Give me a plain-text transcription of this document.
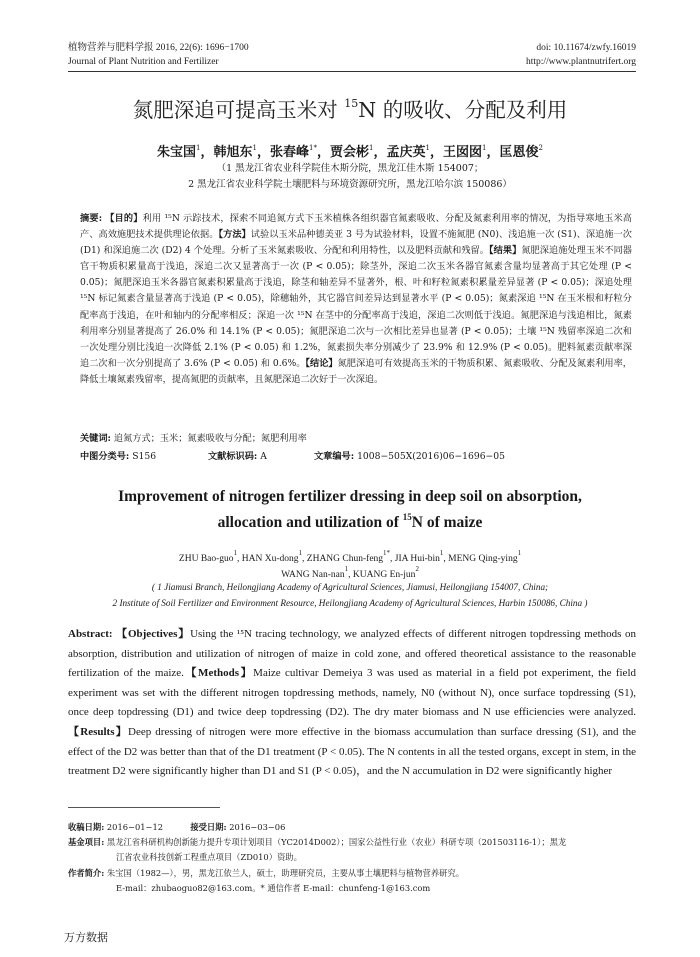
植物营养与肥料学报 2016, 22(6): 1696−1700
Journal of Plant Nutrition and Fertilizer
doi: 10.11674/zwfy.16019
http://www.plantnutrifert.org
氮肥深追可提高玉米对 $^{15}$N 的吸收、分配及利用
朱宝国$^1$，韩旭东$^1$，张春峰$^{1*}$，贾会彬$^1$，孟庆英$^1$，王囡囡$^1$，匡恩俊$^2$
（1 黑龙江省农业科学院佳木斯分院，黑龙江佳木斯 154007；
2 黑龙江省农业科学院土壤肥料与环境资源研究所，黑龙江哈尔滨 150086）
摘要: 【目的】利用 ¹⁵N 示踪技术，探索不同追氮方式下玉米植株各组织器官氮素吸收、分配及氮素利用率的情况，为指导寒地玉米高产、高效施肥技术提供理论依据。【方法】试验以玉米品种德美亚 3 号为试验材料，设置不施氮肥 (N0)、浅追施一次 (S1)、深追施一次 (D1) 和深追施二次 (D2) 4 个处理。分析了玉米氮素吸收、分配和利用特性，以及肥料贡献和残留。【结果】氮肥深追施处理玉米不同器官干物质积累量高于浅追，深追二次又显著高于一次 (P < 0.05)；除茎外，深追二次玉米各器官氮素含量均显著高于其它处理 (P < 0.05)；氮肥深追玉米各器官氮素积累量高于浅追，除茎和轴差异不显著外，根、叶和籽粒氮素积累量差异显著 (P < 0.05)；深追处理 ¹⁵N 标记氮素含量显著高于浅追 (P < 0.05)，除穗轴外，其它器官间差异达到显著水平 (P < 0.05)；氮素深追 ¹⁵N 在玉米根和籽粒分配率高于浅追，在叶和轴内的分配率相反；深追一次 ¹⁵N 在茎中的分配率高于浅追，深追二次则低于浅追。氮肥深追与浅追相比，氮素利用率分别显著提高了 26.0% 和 14.1% (P < 0.05)；氮肥深追二次与一次相比差异也显著 (P < 0.05)；土壤 ¹⁵N 残留率深追二次和一次处理分别比浅追一次降低 2.1% (P < 0.05) 和 1.2%，氮素损失率分别减少了 23.9% 和 12.9% (P < 0.05)。肥料氮素贡献率深追二次和一次分别提高了 3.6% (P < 0.05) 和 0.6%。【结论】氮肥深追可有效提高玉米的干物质积累、氮素吸收、分配及氮素利用率，降低土壤氮素残留率，提高氮肥的贡献率，且氮肥深追二次好于一次深追。
关键词: 追氮方式；玉米；氮素吸收与分配；氮肥利用率
中图分类号: S156	文献标识码: A	文章编号: 1008−505X(2016)06−1696−05
Improvement of nitrogen fertilizer dressing in deep soil on absorption,
allocation and utilization of $^{15}$N of maize
ZHU Bao-guo$^1$, HAN Xu-dong$^1$, ZHANG Chun-feng$^{1*}$, JIA Hui-bin$^1$, MENG Qing-ying$^1$
WANG Nan-nan$^1$, KUANG En-jun$^2$
( 1 Jiamusi Branch, Heilongjiang Academy of Agricultural Sciences, Jiamusi, Heilongjiang 154007, China;
2 Institute of Soil Fertilizer and Environment Resource, Heilongjiang Academy of Agricultural Sciences, Harbin 150086, China )
Abstract: 【Objectives】Using the ¹⁵N tracing technology, we analyzed effects of different nitrogen topdressing methods on absorption, distribution and utilization of nitrogen of maize in cold zone, and offered theoretical assistance to the reasonable fertilization of the maize.【Methods】Maize cultivar Demeiya 3 was used as material in a field pot experiment, the field experiment was set with the different nitrogen topdressing methods, namely, N0 (without N), once surface topdressing (S1), once deep topdressing (D1) and twice deep topdressing (D2). The dry mater biomass and N use efficiencies were analyzed.【Results】Deep dressing of nitrogen were more effective in the biomass accumulation than surface dressing (S1), and the effect of the D2 was better than that of the D1 treatment (P < 0.05). The N contents in all the tested organs, except in stem, in the treatment D2 were significantly higher than D1 and S1 (P < 0.05)，and the N accumulation in D2 were significantly higher
收稿日期: 2016−01−12	接受日期: 2016−03−06
基金项目: 黑龙江省科研机构创新能力提升专项计划项目（YC2014D002）；国家公益性行业（农业）科研专项（201503116-1）；黑龙
江省农业科技创新工程重点项目（ZD010）资助。
作者简介: 朱宝国（1982—），男，黑龙江依兰人，硕士，助理研究员，主要从事土壤肥料与植物营养研究。
E-mail：zhubaoguo82@163.com。* 通信作者 E-mail：chunfeng-1@163.com
万方数据
